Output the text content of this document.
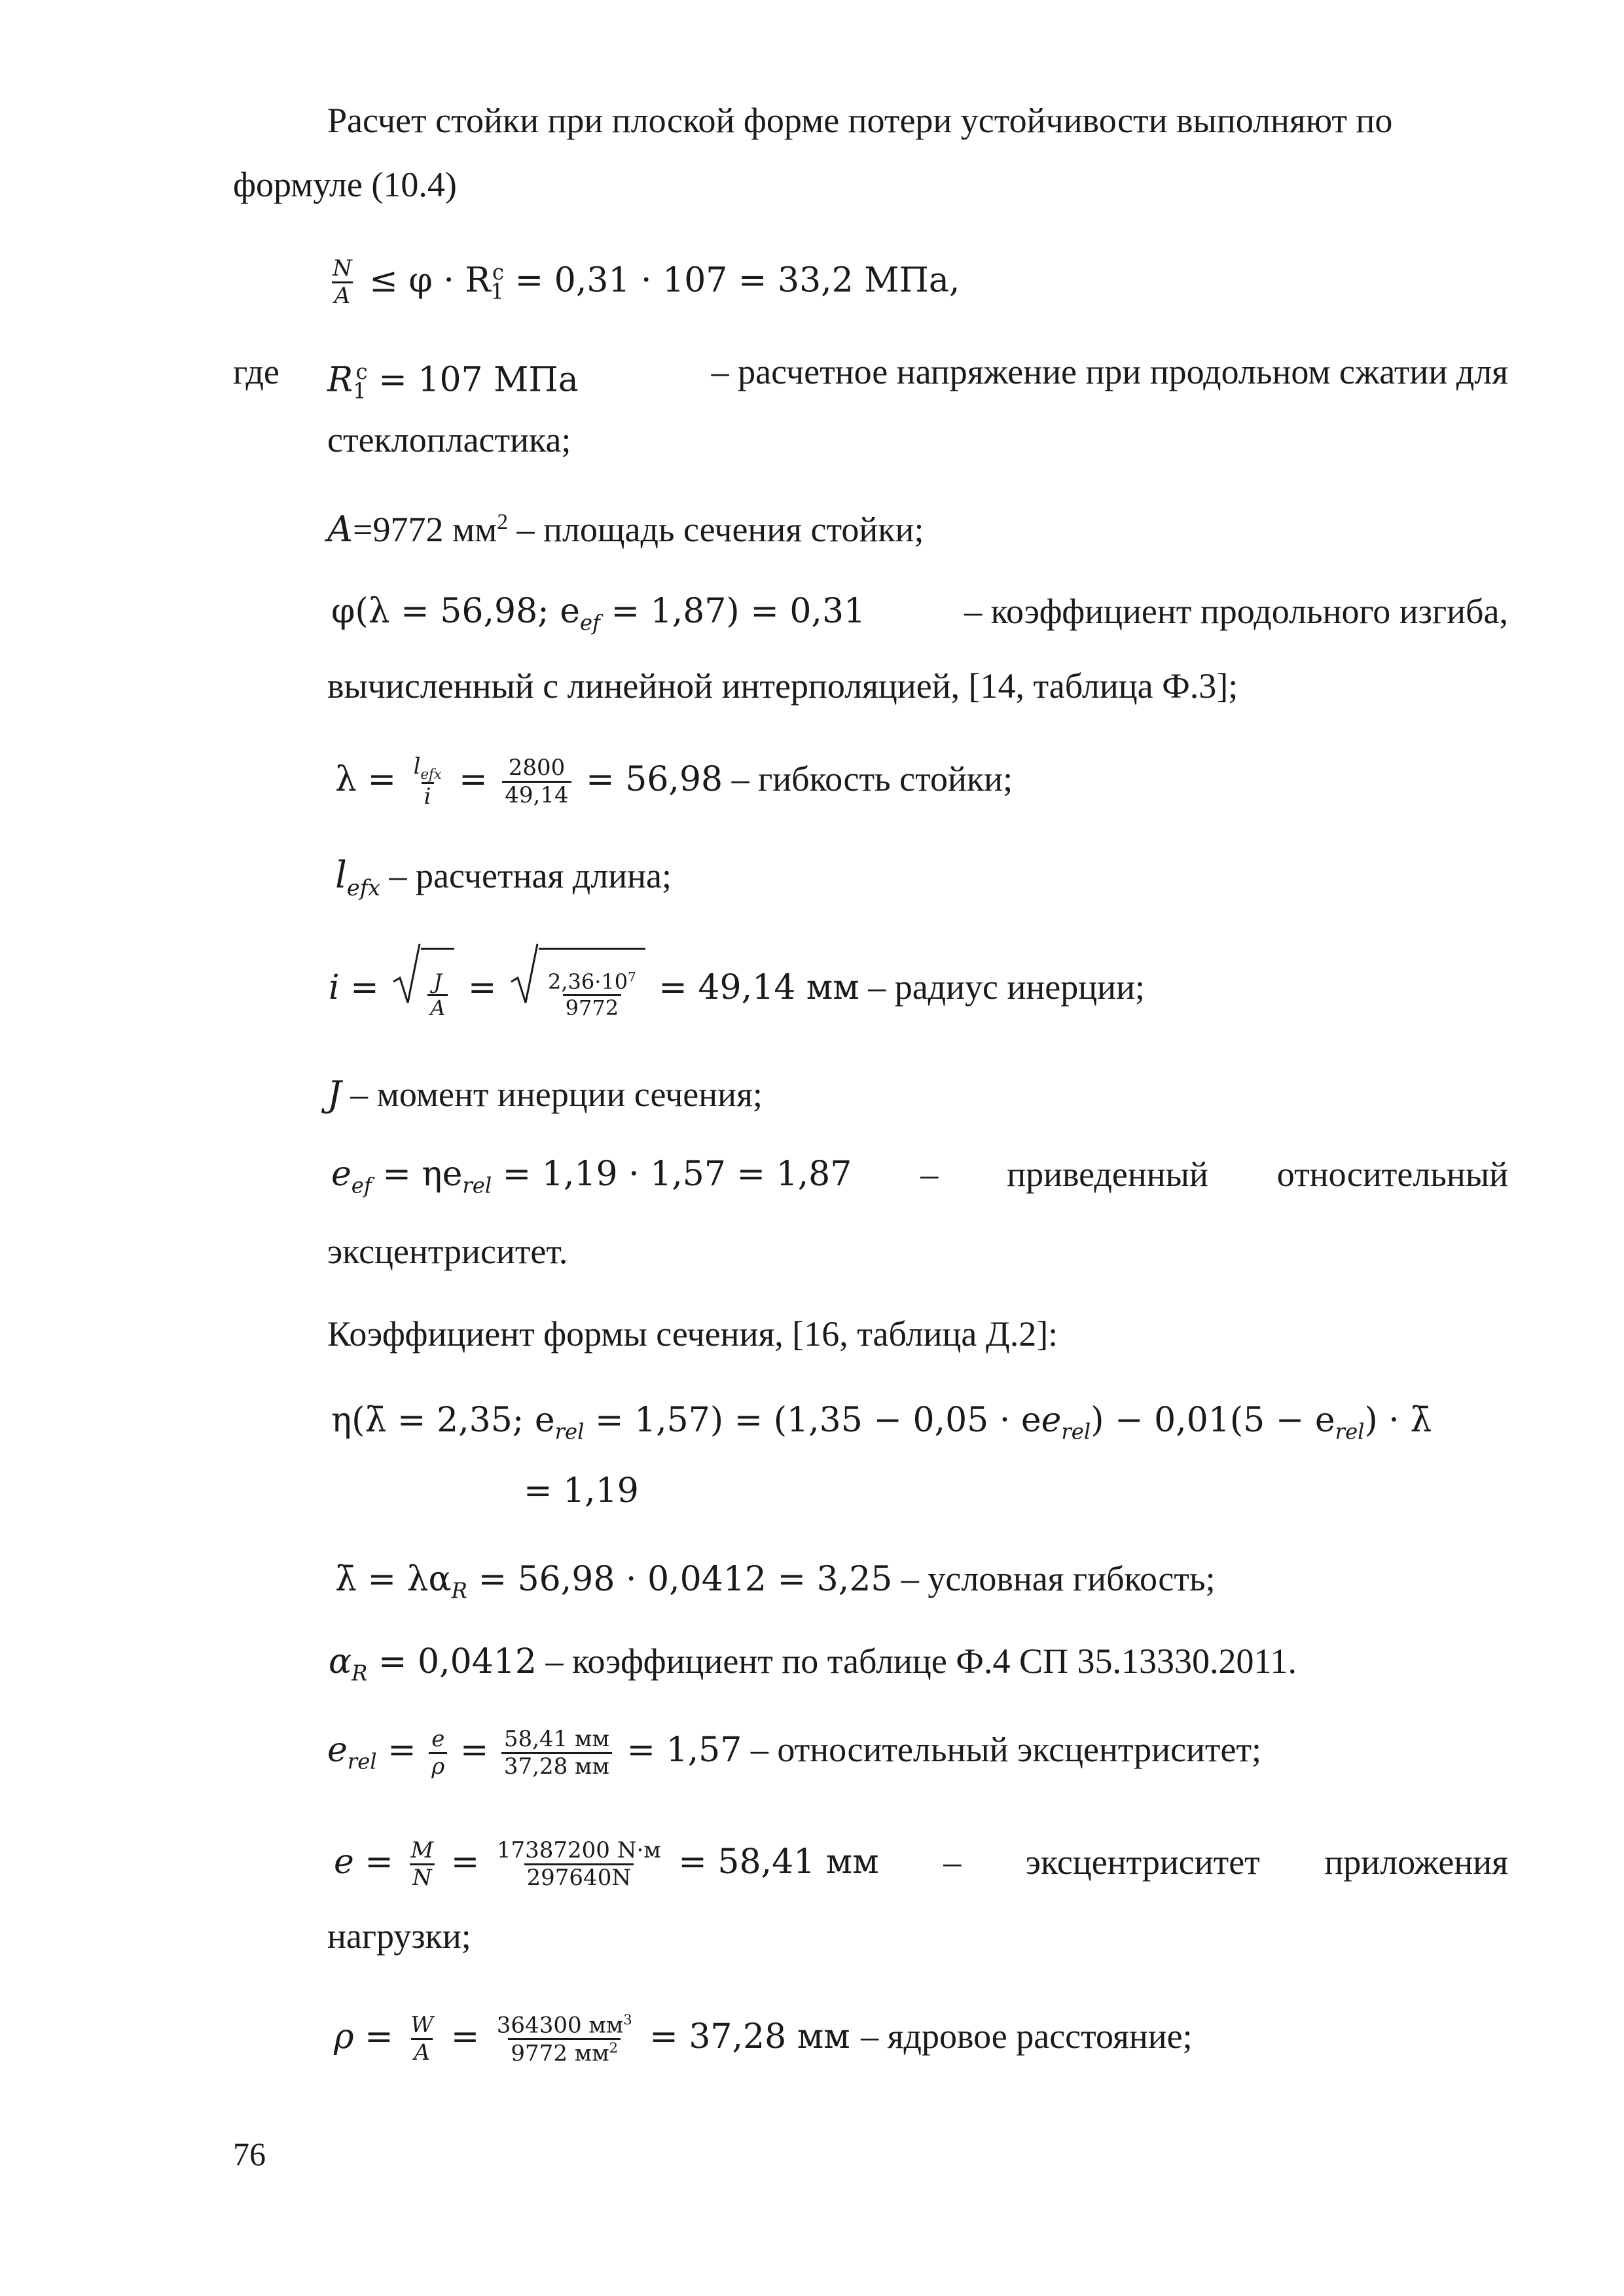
Расчет стойки при плоской форме потери устойчивости выполняют по
формуле (10.4)
$\frac{N}{A} \le \varphi \cdot R_1^c = 0,31 \cdot 107 = 33,2$ МПа,
где $R_1^c = 107$ МПа	– расчетное напряжение при продольном сжатии для
стеклопластика;
A=9772 $мм^2$ – площадь сечения стойки;
φ(λ = 56,98; $e_{ef} = 1,87) = 0,31$	– коэффициент продольного изгиба,
вычисленный с линейной интерполяцией, [14, таблица Ф.3];
$\lambda = \frac{l_{efx}}{i} = \frac{2800}{49,14} = 56,98$ – гибкость стойки;
$l_{efx}$ – расчетная длина;
$i = \frac{J}{A} = \frac{2,36\cdot 10^7}{9772} = 49,14$ мм – радиус инерции;
J – момент инерции сечения;
$e_{ef} = \eta e_{rel} = 1,19 \cdot 1,57 = 1,87$ – приведенный относительный
эксцентриситет.
Коэффициент формы сечения, [16, таблица Д.2]:
η(λ̄ = 2,35; $e_{rel} = 1,57) = (1,35 - 0,05 \cdot ee_{rel}) - 0,01(5 - e_{rel})$ · λ̄
= 1,19
λ̄ = $\lambda\alpha_R = 56,98 \cdot 0,0412 = 3,25$ – условная гибкость;
$\alpha_R = 0,0412$ – коэффициент по таблице Ф.4 СП 35.13330.2011.
$e_{rel} = \frac{e}{\rho} = \frac{58,41 мм}{37,28 мм} = 1,57$ – относительный эксцентриситет;
$e = \frac{M}{N} = \frac{17387200 N\cdot м}{297640N} = 58,41$ мм – эксцентриситет приложения
нагрузки;
$\rho = \frac{W}{A} = \frac{364300 мм^3}{9772 мм^2} = 37,28$ мм – ядровое расстояние;
76
